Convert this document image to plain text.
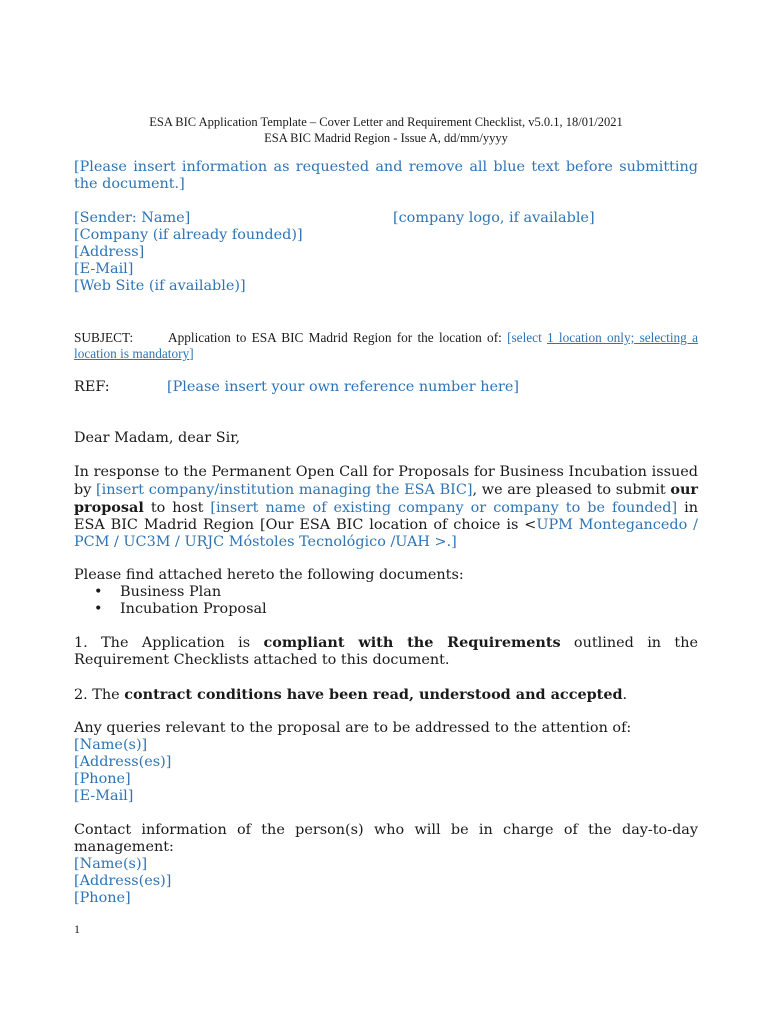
ESA BIC Application Template – Cover Letter and Requirement Checklist, v5.0.1, 18/01/2021
ESA BIC Madrid Region - Issue A, dd/mm/yyyy
[Please insert information as requested and remove all blue text before submitting the document.]
[Sender: Name]
[Company (if already founded)]
[Address]
[E-Mail]
[Web Site (if available)]
[company logo, if available]
SUBJECT:	Application to ESA BIC Madrid Region for the location of: [select 1 location only; selecting a location is mandatory]
REF:	[Please insert your own reference number here]
Dear Madam, dear Sir,
In response to the Permanent Open Call for Proposals for Business Incubation issued by [insert company/institution managing the ESA BIC], we are pleased to submit our proposal to host [insert name of existing company or company to be founded] in ESA BIC Madrid Region [Our ESA BIC location of choice is <UPM Montegancedo / PCM / UC3M / URJC Móstoles Tecnológico /UAH >.]
Please find attached hereto the following documents:
• Business Plan
• Incubation Proposal
1. The Application is compliant with the Requirements outlined in the Requirement Checklists attached to this document.
2. The contract conditions have been read, understood and accepted.
Any queries relevant to the proposal are to be addressed to the attention of:
[Name(s)]
[Address(es)]
[Phone]
[E-Mail]
Contact information of the person(s) who will be in charge of the day-to-day management:
[Name(s)]
[Address(es)]
[Phone]
1
